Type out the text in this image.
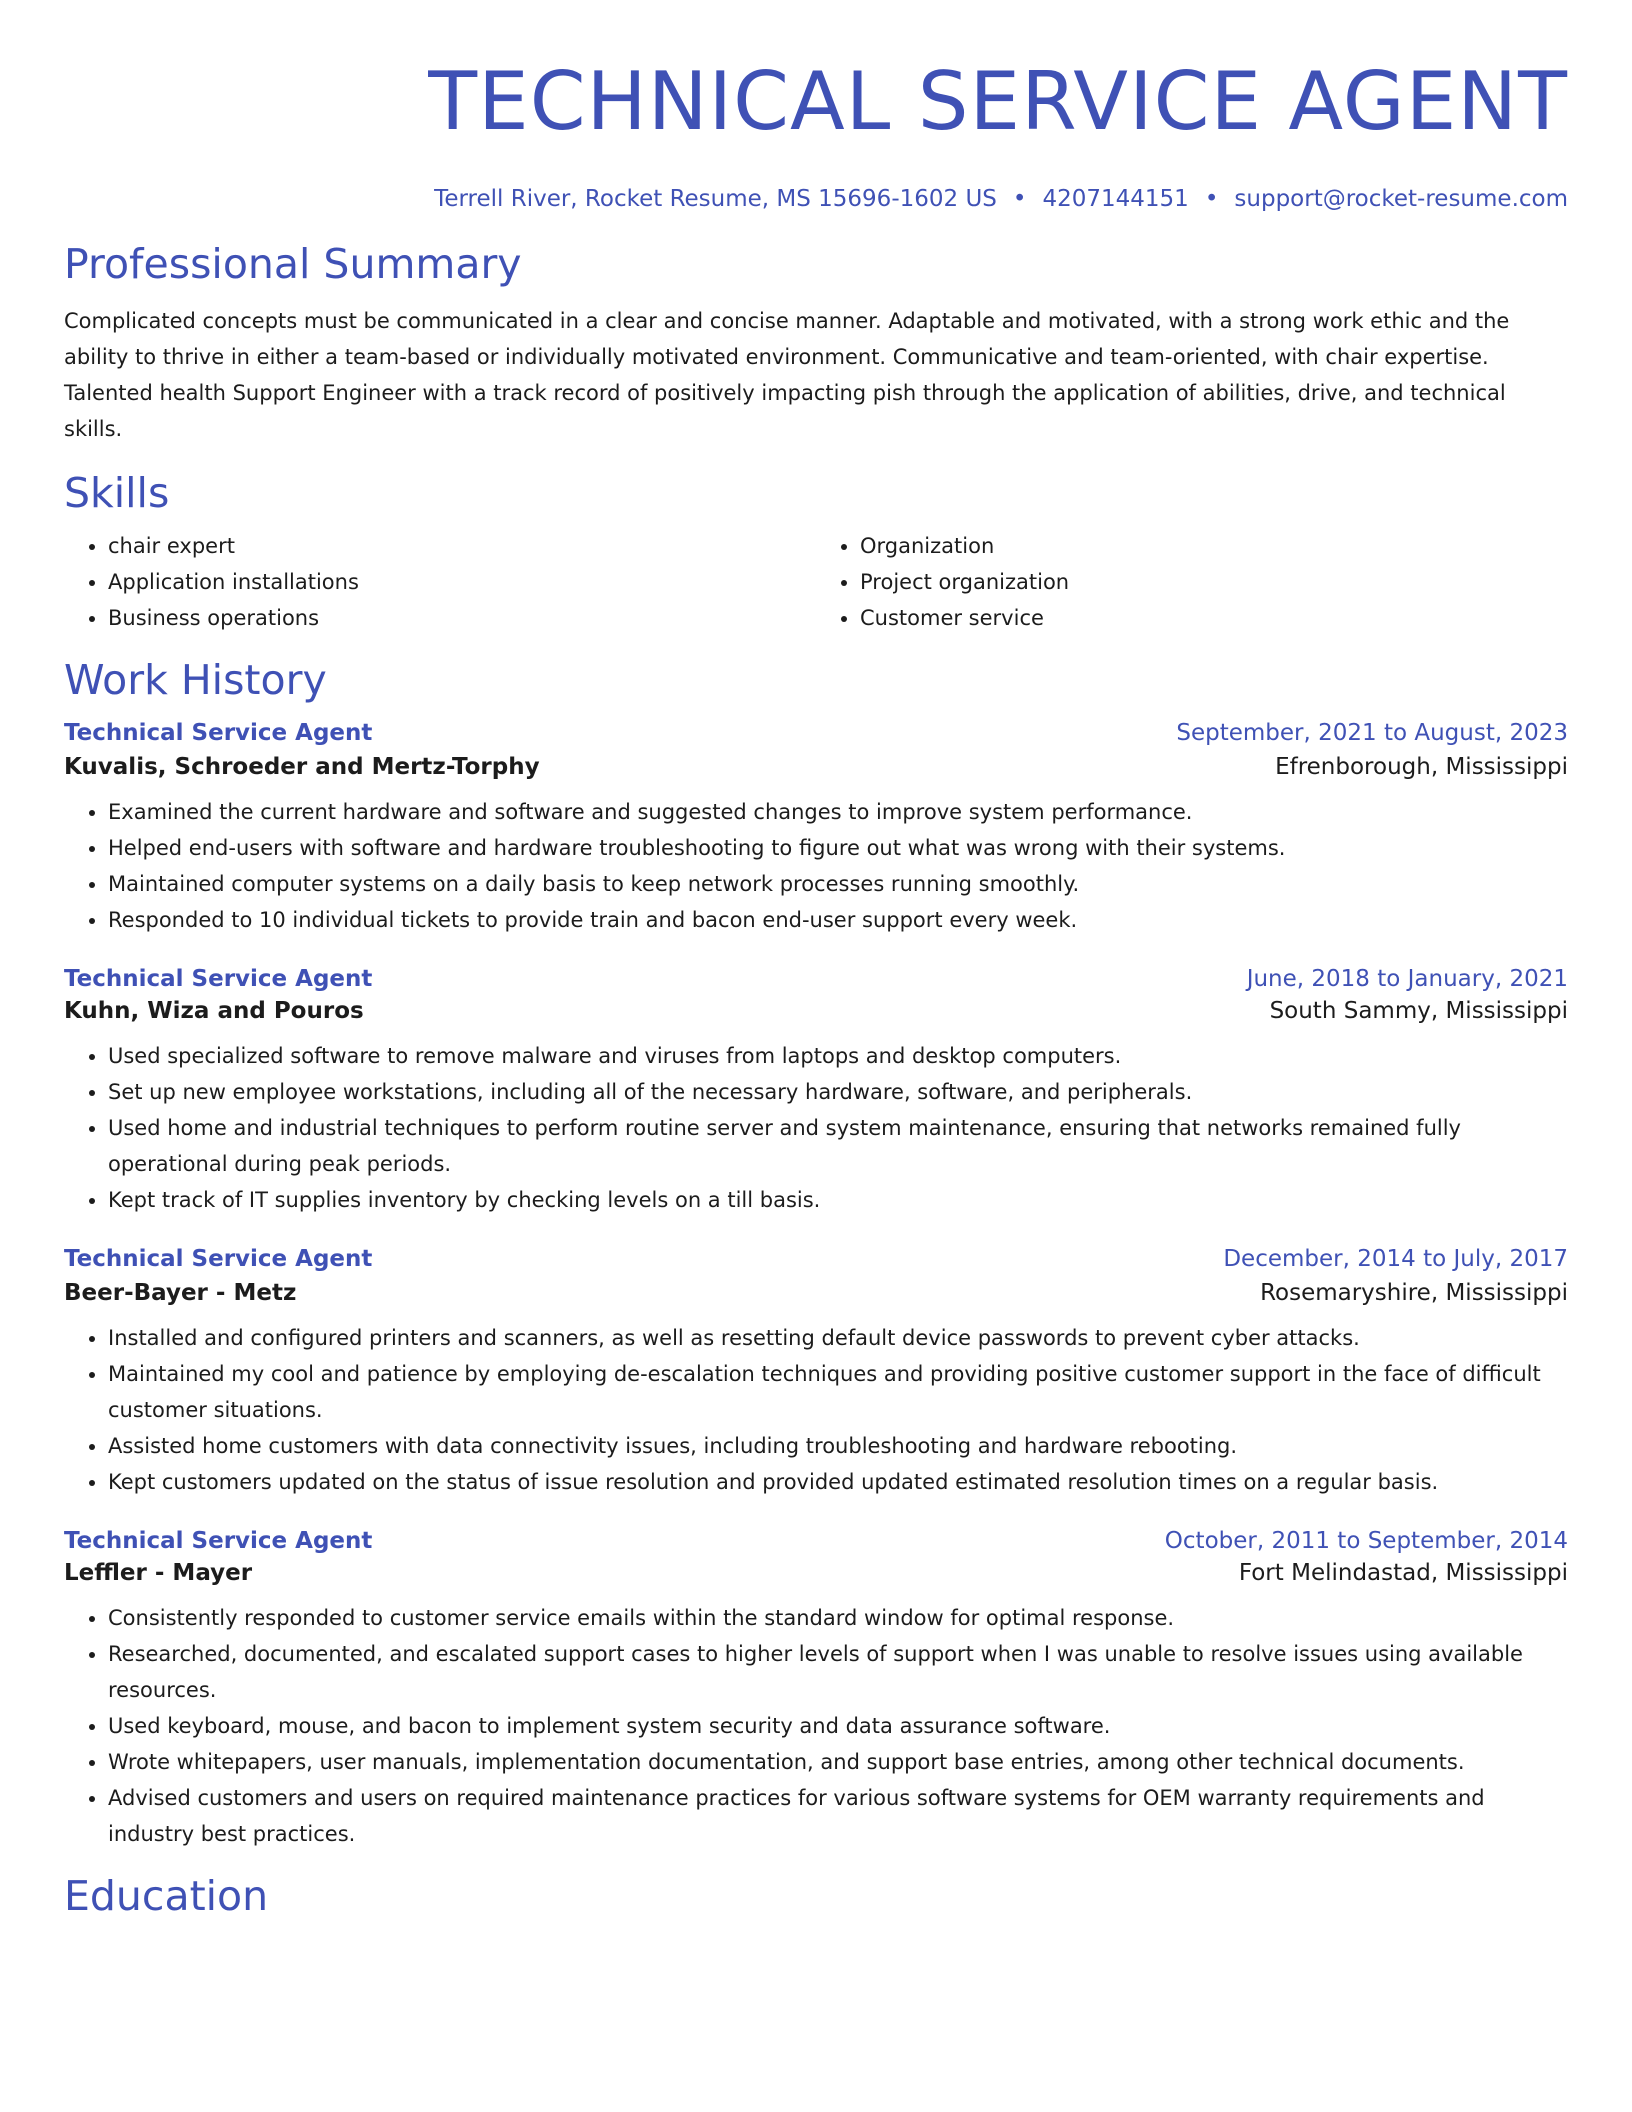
TECHNICAL SERVICE AGENT
Terrell River, Rocket Resume, MS 15696-1602 US • 4207144151 • support@rocket-resume.com
Professional Summary

Complicated concepts must be communicated in a clear and concise manner. Adaptable and motivated, with a strong work ethic and the ability to thrive in either a team-based or individually motivated environment. Communicative and team-oriented, with chair expertise. Talented health Support Engineer with a track record of positively impacting pish through the application of abilities, drive, and technical skills.

Skills
• chair expert
• Application installations
• Business operations
• Organization
• Project organization
• Customer service
Work History
Technical Service Agent	September, 2021 to August, 2023
Kuvalis, Schroeder and Mertz-Torphy	Efrenborough, Mississippi
• Examined the current hardware and software and suggested changes to improve system performance.
• Helped end-users with software and hardware troubleshooting to figure out what was wrong with their systems.
• Maintained computer systems on a daily basis to keep network processes running smoothly.
• Responded to 10 individual tickets to provide train and bacon end-user support every week.
Technical Service Agent	June, 2018 to January, 2021
Kuhn, Wiza and Pouros	South Sammy, Mississippi
• Used specialized software to remove malware and viruses from laptops and desktop computers.
• Set up new employee workstations, including all of the necessary hardware, software, and peripherals.
• Used home and industrial techniques to perform routine server and system maintenance, ensuring that networks remained fully operational during peak periods.
• Kept track of IT supplies inventory by checking levels on a till basis.
Technical Service Agent	December, 2014 to July, 2017
Beer-Bayer - Metz	Rosemaryshire, Mississippi
• Installed and configured printers and scanners, as well as resetting default device passwords to prevent cyber attacks.
• Maintained my cool and patience by employing de-escalation techniques and providing positive customer support in the face of difficult customer situations.
• Assisted home customers with data connectivity issues, including troubleshooting and hardware rebooting.
• Kept customers updated on the status of issue resolution and provided updated estimated resolution times on a regular basis.
Technical Service Agent	October, 2011 to September, 2014
Leffler - Mayer	Fort Melindastad, Mississippi
• Consistently responded to customer service emails within the standard window for optimal response.
• Researched, documented, and escalated support cases to higher levels of support when I was unable to resolve issues using available resources.
• Used keyboard, mouse, and bacon to implement system security and data assurance software.
• Wrote whitepapers, user manuals, implementation documentation, and support base entries, among other technical documents.
• Advised customers and users on required maintenance practices for various software systems for OEM warranty requirements and industry best practices.
Education
